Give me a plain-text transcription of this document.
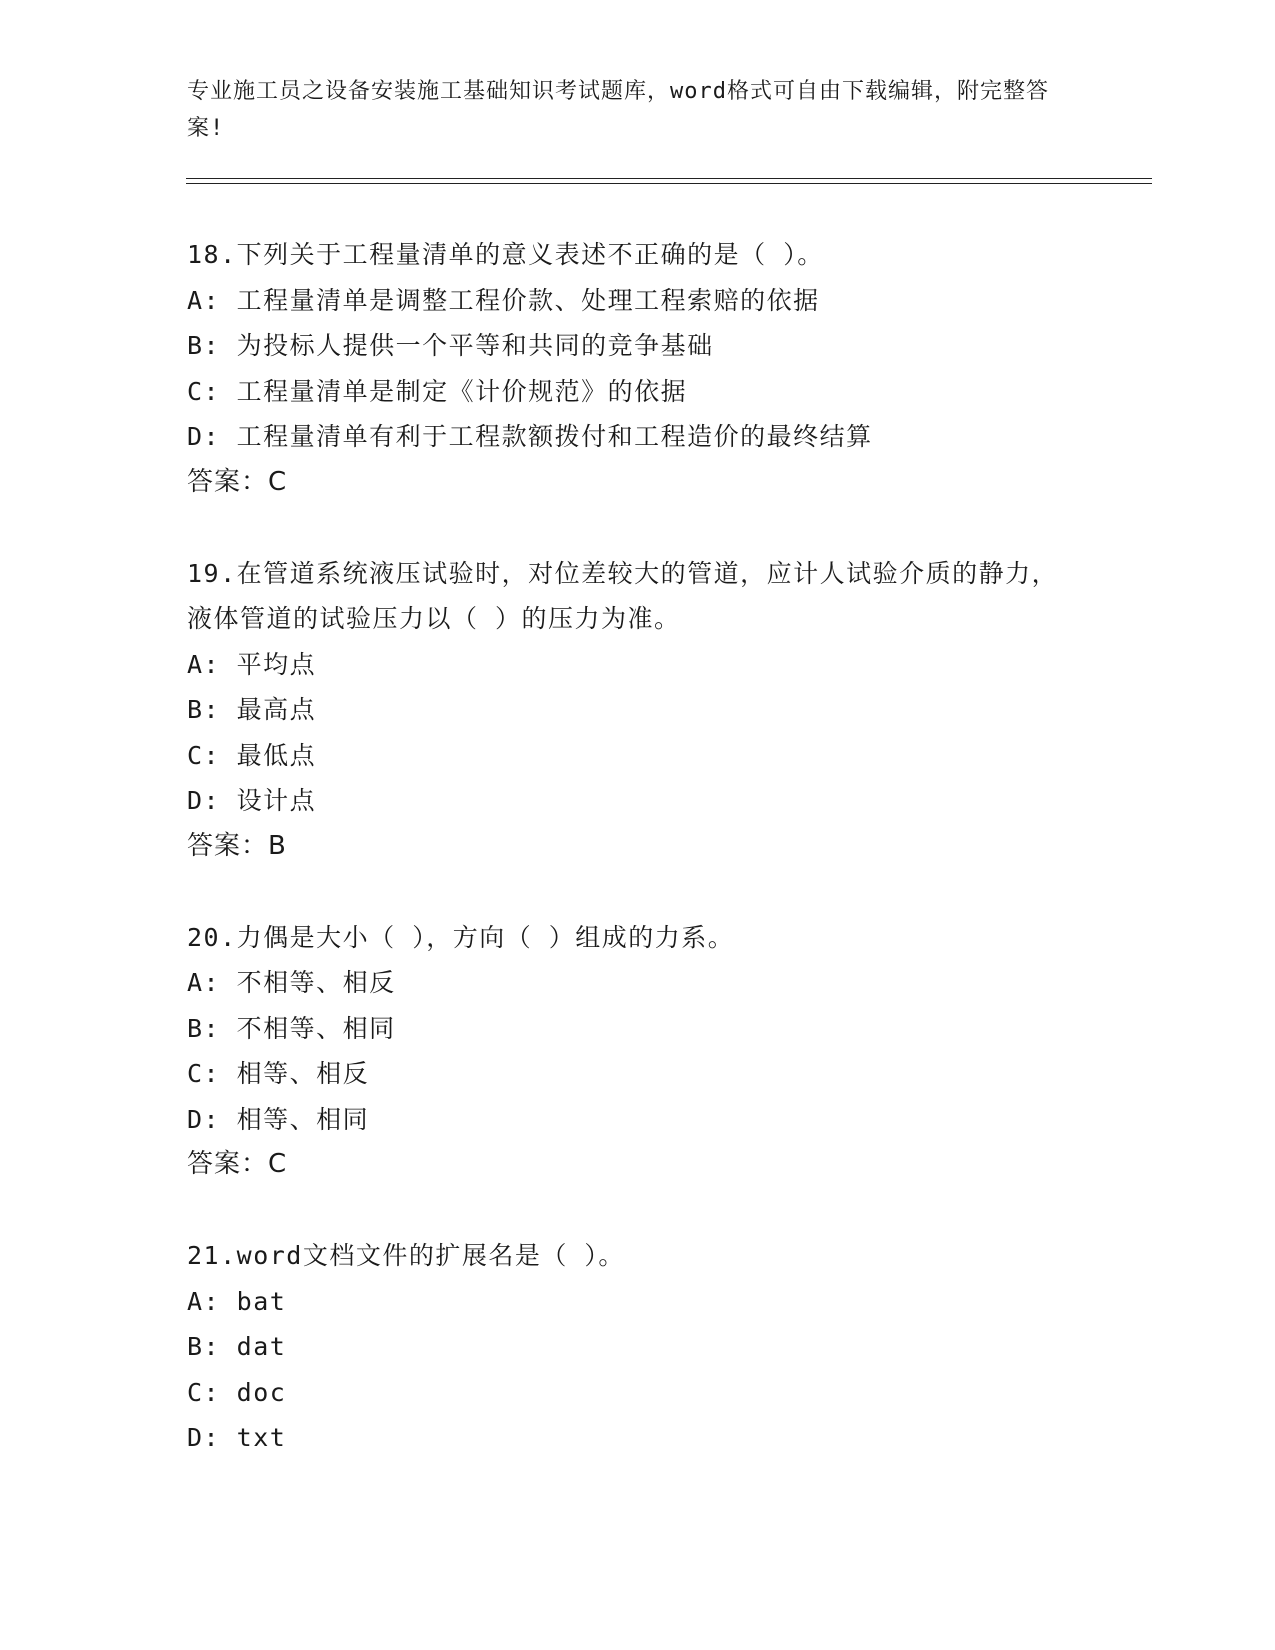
专业施工员之设备安装施工基础知识考试题库，word格式可自由下载编辑，附完整答案!
18.下列关于工程量清单的意义表述不正确的是（ ）。
A: 工程量清单是调整工程价款、处理工程索赔的依据
B: 为投标人提供一个平等和共同的竞争基础
C: 工程量清单是制定《计价规范》的依据
D: 工程量清单有利于工程款额拨付和工程造价的最终结算
答案：C
19.在管道系统液压试验时，对位差较大的管道，应计人试验介质的静力，液体管道的试验压力以（ ）的压力为准。
A: 平均点
B: 最高点
C: 最低点
D: 设计点
答案：B
20.力偶是大小（ ），方向（ ）组成的力系。
A: 不相等、相反
B: 不相等、相同
C: 相等、相反
D: 相等、相同
答案：C
21.word文档文件的扩展名是（ ）。
A: bat
B: dat
C: doc
D: txt
